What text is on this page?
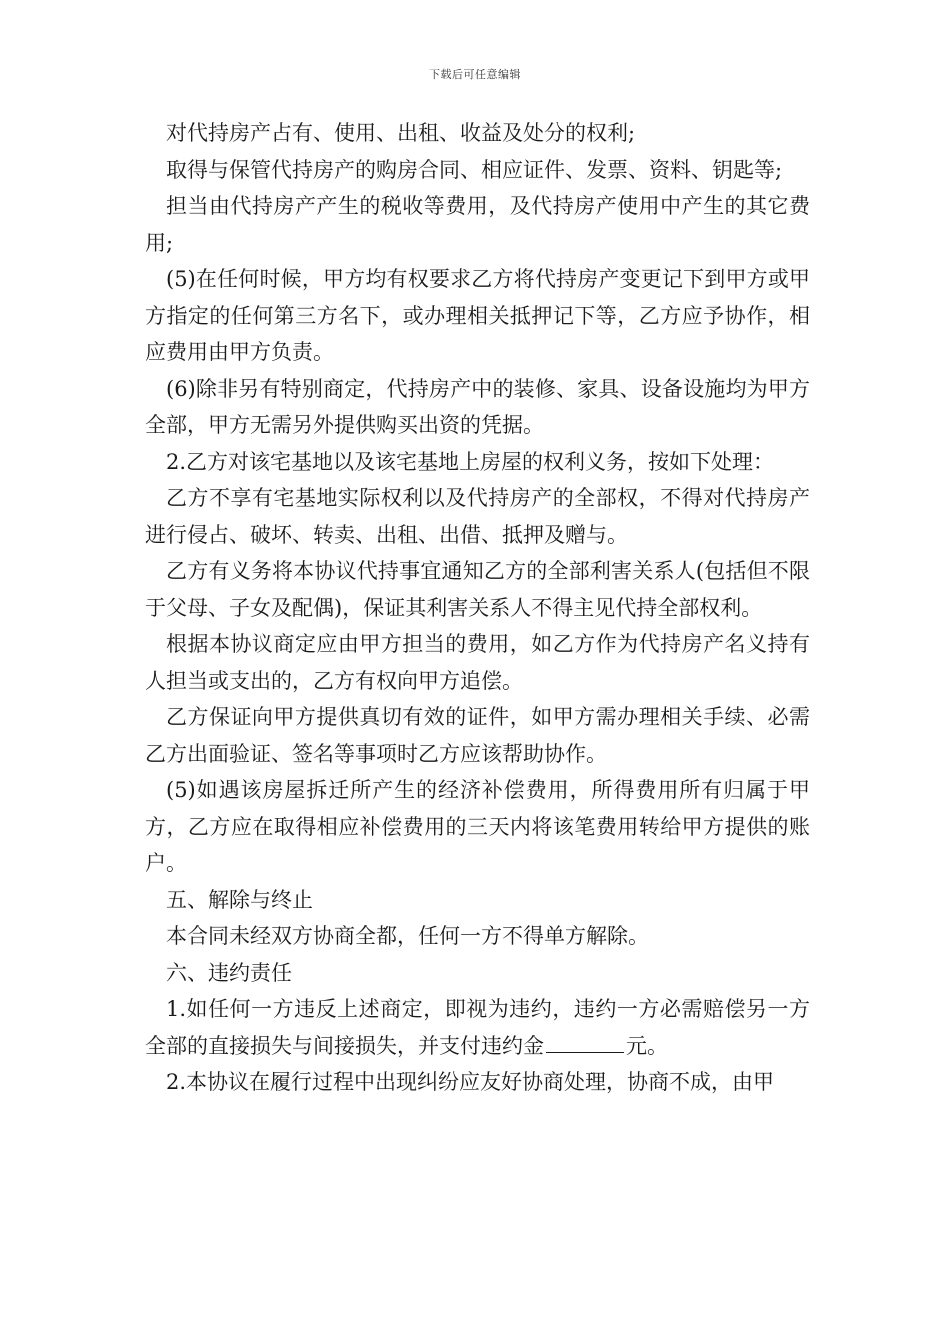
下载后可任意编辑

对代持房产占有、使用、出租、收益及处分的权利;

取得与保管代持房产的购房合同、相应证件、发票、资料、钥匙等;

担当由代持房产产生的税收等费用，及代持房产使用中产生的其它费用;

(5)在任何时候，甲方均有权要求乙方将代持房产变更记下到甲方或甲方指定的任何第三方名下，或办理相关抵押记下等，乙方应予协作，相应费用由甲方负责。

(6)除非另有特别商定，代持房产中的装修、家具、设备设施均为甲方全部，甲方无需另外提供购买出资的凭据。

2.乙方对该宅基地以及该宅基地上房屋的权利义务，按如下处理：

乙方不享有宅基地实际权利以及代持房产的全部权，不得对代持房产进行侵占、破坏、转卖、出租、出借、抵押及赠与。

乙方有义务将本协议代持事宜通知乙方的全部利害关系人(包括但不限于父母、子女及配偶)，保证其利害关系人不得主见代持全部权利。

根据本协议商定应由甲方担当的费用，如乙方作为代持房产名义持有人担当或支出的，乙方有权向甲方追偿。

乙方保证向甲方提供真切有效的证件，如甲方需办理相关手续、必需乙方出面验证、签名等事项时乙方应该帮助协作。

(5)如遇该房屋拆迁所产生的经济补偿费用，所得费用所有归属于甲方，乙方应在取得相应补偿费用的三天内将该笔费用转给甲方提供的账户。

五、解除与终止

本合同未经双方协商全都，任何一方不得单方解除。

六、违约责任

1.如任何一方违反上述商定，即视为违约，违约一方必需赔偿另一方全部的直接损失与间接损失，并支付违约金	元。

2.本协议在履行过程中出现纠纷应友好协商处理，协商不成，由甲
